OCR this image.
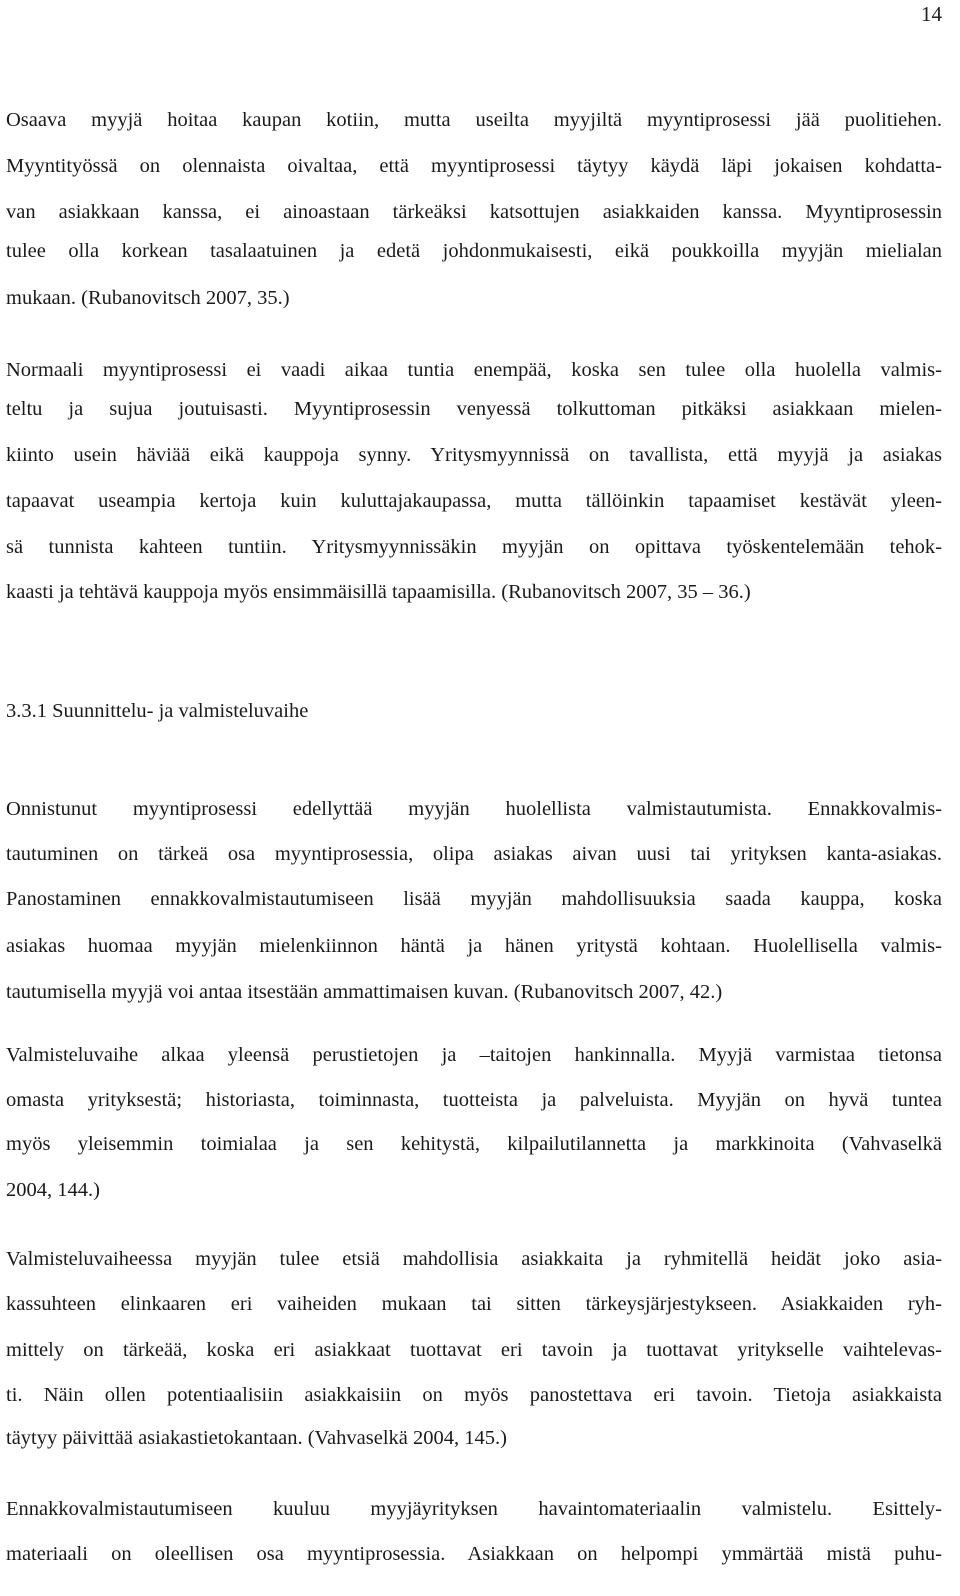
14
Osaava myyjä hoitaa kaupan kotiin, mutta useilta myyjiltä myyntiprosessi jää puolitiehen.
Myyntityössä on olennaista oivaltaa, että myyntiprosessi täytyy käydä läpi jokaisen kohdatta-
van asiakkaan kanssa, ei ainoastaan tärkeäksi katsottujen asiakkaiden kanssa. Myyntiprosessin
tulee olla korkean tasalaatuinen ja edetä johdonmukaisesti, eikä poukkoilla myyjän mielialan
mukaan. (Rubanovitsch 2007, 35.)
Normaali myyntiprosessi ei vaadi aikaa tuntia enempää, koska sen tulee olla huolella valmis-
teltu ja sujua joutuisasti. Myyntiprosessin venyessä tolkuttoman pitkäksi asiakkaan mielen-
kiinto usein häviää eikä kauppoja synny. Yritysmyynnissä on tavallista, että myyjä ja asiakas
tapaavat useampia kertoja kuin kuluttajakaupassa, mutta tällöinkin tapaamiset kestävät yleen-
sä tunnista kahteen tuntiin. Yritysmyynnissäkin myyjän on opittava työskentelemään tehok-
kaasti ja tehtävä kauppoja myös ensimmäisillä tapaamisilla. (Rubanovitsch 2007, 35 – 36.)
3.3.1 Suunnittelu- ja valmisteluvaihe
Onnistunut myyntiprosessi edellyttää myyjän huolellista valmistautumista. Ennakkovalmis-
tautuminen on tärkeä osa myyntiprosessia, olipa asiakas aivan uusi tai yrityksen kanta-asiakas.
Panostaminen ennakkovalmistautumiseen lisää myyjän mahdollisuuksia saada kauppa, koska
asiakas huomaa myyjän mielenkiinnon häntä ja hänen yritystä kohtaan. Huolellisella valmis-
tautumisella myyjä voi antaa itsestään ammattimaisen kuvan. (Rubanovitsch 2007, 42.)
Valmisteluvaihe alkaa yleensä perustietojen ja –taitojen hankinnalla. Myyjä varmistaa tietonsa
omasta yrityksestä; historiasta, toiminnasta, tuotteista ja palveluista. Myyjän on hyvä tuntea
myös yleisemmin toimialaa ja sen kehitystä, kilpailutilannetta ja markkinoita (Vahvaselkä
2004, 144.)
Valmisteluvaiheessa myyjän tulee etsiä mahdollisia asiakkaita ja ryhmitellä heidät joko asia-
kassuhteen elinkaaren eri vaiheiden mukaan tai sitten tärkeysjärjestykseen. Asiakkaiden ryh-
mittely on tärkeää, koska eri asiakkaat tuottavat eri tavoin ja tuottavat yritykselle vaihtelevas-
ti. Näin ollen potentiaalisiin asiakkaisiin on myös panostettava eri tavoin. Tietoja asiakkaista
täytyy päivittää asiakastietokantaan. (Vahvaselkä 2004, 145.)
Ennakkovalmistautumiseen kuuluu myyjäyrityksen havaintomateriaalin valmistelu. Esittely-
materiaali on oleellisen osa myyntiprosessia. Asiakkaan on helpompi ymmärtää mistä puhu-
